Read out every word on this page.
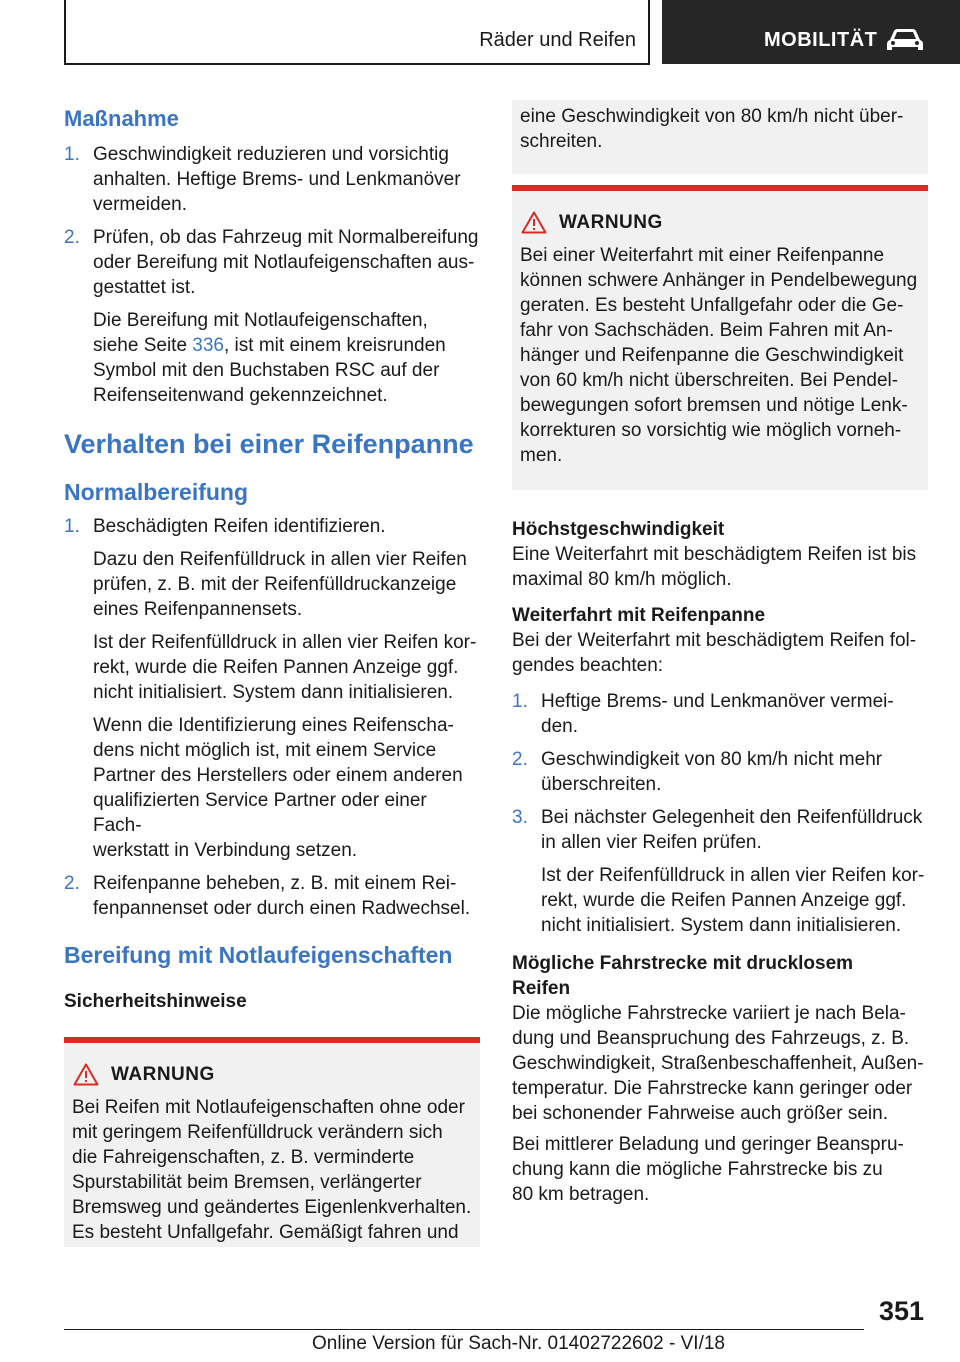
Räder und Reifen	MOBILITÄT
Maßnahme
1. Geschwindigkeit reduzieren und vorsichtig
anhalten. Heftige Brems- und Lenkmanöver
vermeiden.
2. Prüfen, ob das Fahrzeug mit Normalbereifung
oder Bereifung mit Notlaufeigenschaften aus-
gestattet ist.
Die Bereifung mit Notlaufeigenschaften,
siehe Seite 336, ist mit einem kreisrunden
Symbol mit den Buchstaben RSC auf der
Reifenseitenwand gekennzeichnet.
Verhalten bei einer Reifenpanne
Normalbereifung
1. Beschädigten Reifen identifizieren.
Dazu den Reifenfülldruck in allen vier Reifen
prüfen, z. B. mit der Reifenfülldruckanzeige
eines Reifenpannensets.
Ist der Reifenfülldruck in allen vier Reifen kor-
rekt, wurde die Reifen Pannen Anzeige ggf.
nicht initialisiert. System dann initialisieren.
Wenn die Identifizierung eines Reifenscha-
dens nicht möglich ist, mit einem Service
Partner des Herstellers oder einem anderen
qualifizierten Service Partner oder einer Fach-
werkstatt in Verbindung setzen.
2. Reifenpanne beheben, z. B. mit einem Rei-
fenpannenset oder durch einen Radwechsel.
Bereifung mit Notlaufeigenschaften
Sicherheitshinweise
WARNUNG
Bei Reifen mit Notlaufeigenschaften ohne oder
mit geringem Reifenfülldruck verändern sich
die Fahreigenschaften, z. B. verminderte
Spurstabilität beim Bremsen, verlängerter
Bremsweg und geändertes Eigenlenkverhalten.
Es besteht Unfallgefahr. Gemäßigt fahren und
eine Geschwindigkeit von 80 km/h nicht über-
schreiten.
WARNUNG
Bei einer Weiterfahrt mit einer Reifenpanne
können schwere Anhänger in Pendelbewegung
geraten. Es besteht Unfallgefahr oder die Ge-
fahr von Sachschäden. Beim Fahren mit An-
hänger und Reifenpanne die Geschwindigkeit
von 60 km/h nicht überschreiten. Bei Pendel-
bewegungen sofort bremsen und nötige Lenk-
korrekturen so vorsichtig wie möglich vorneh-
men.
Höchstgeschwindigkeit

Eine Weiterfahrt mit beschädigtem Reifen ist bis
maximal 80 km/h möglich.

Weiterfahrt mit Reifenpanne

Bei der Weiterfahrt mit beschädigtem Reifen fol-
gendes beachten:

1. Heftige Brems- und Lenkmanöver vermei-
den.
2. Geschwindigkeit von 80 km/h nicht mehr
überschreiten.
3. Bei nächster Gelegenheit den Reifenfülldruck
in allen vier Reifen prüfen.
Ist der Reifenfülldruck in allen vier Reifen kor-
rekt, wurde die Reifen Pannen Anzeige ggf.
nicht initialisiert. System dann initialisieren.
Mögliche Fahrstrecke mit drucklosem
Reifen

Die mögliche Fahrstrecke variiert je nach Bela-
dung und Beanspruchung des Fahrzeugs, z. B.
Geschwindigkeit, Straßenbeschaffenheit, Außen-
temperatur. Die Fahrstrecke kann geringer oder
bei schonender Fahrweise auch größer sein.

Bei mittlerer Beladung und geringer Beanspru-
chung kann die mögliche Fahrstrecke bis zu
80 km betragen.

351
Online Version für Sach-Nr. 01402722602 - VI/18
